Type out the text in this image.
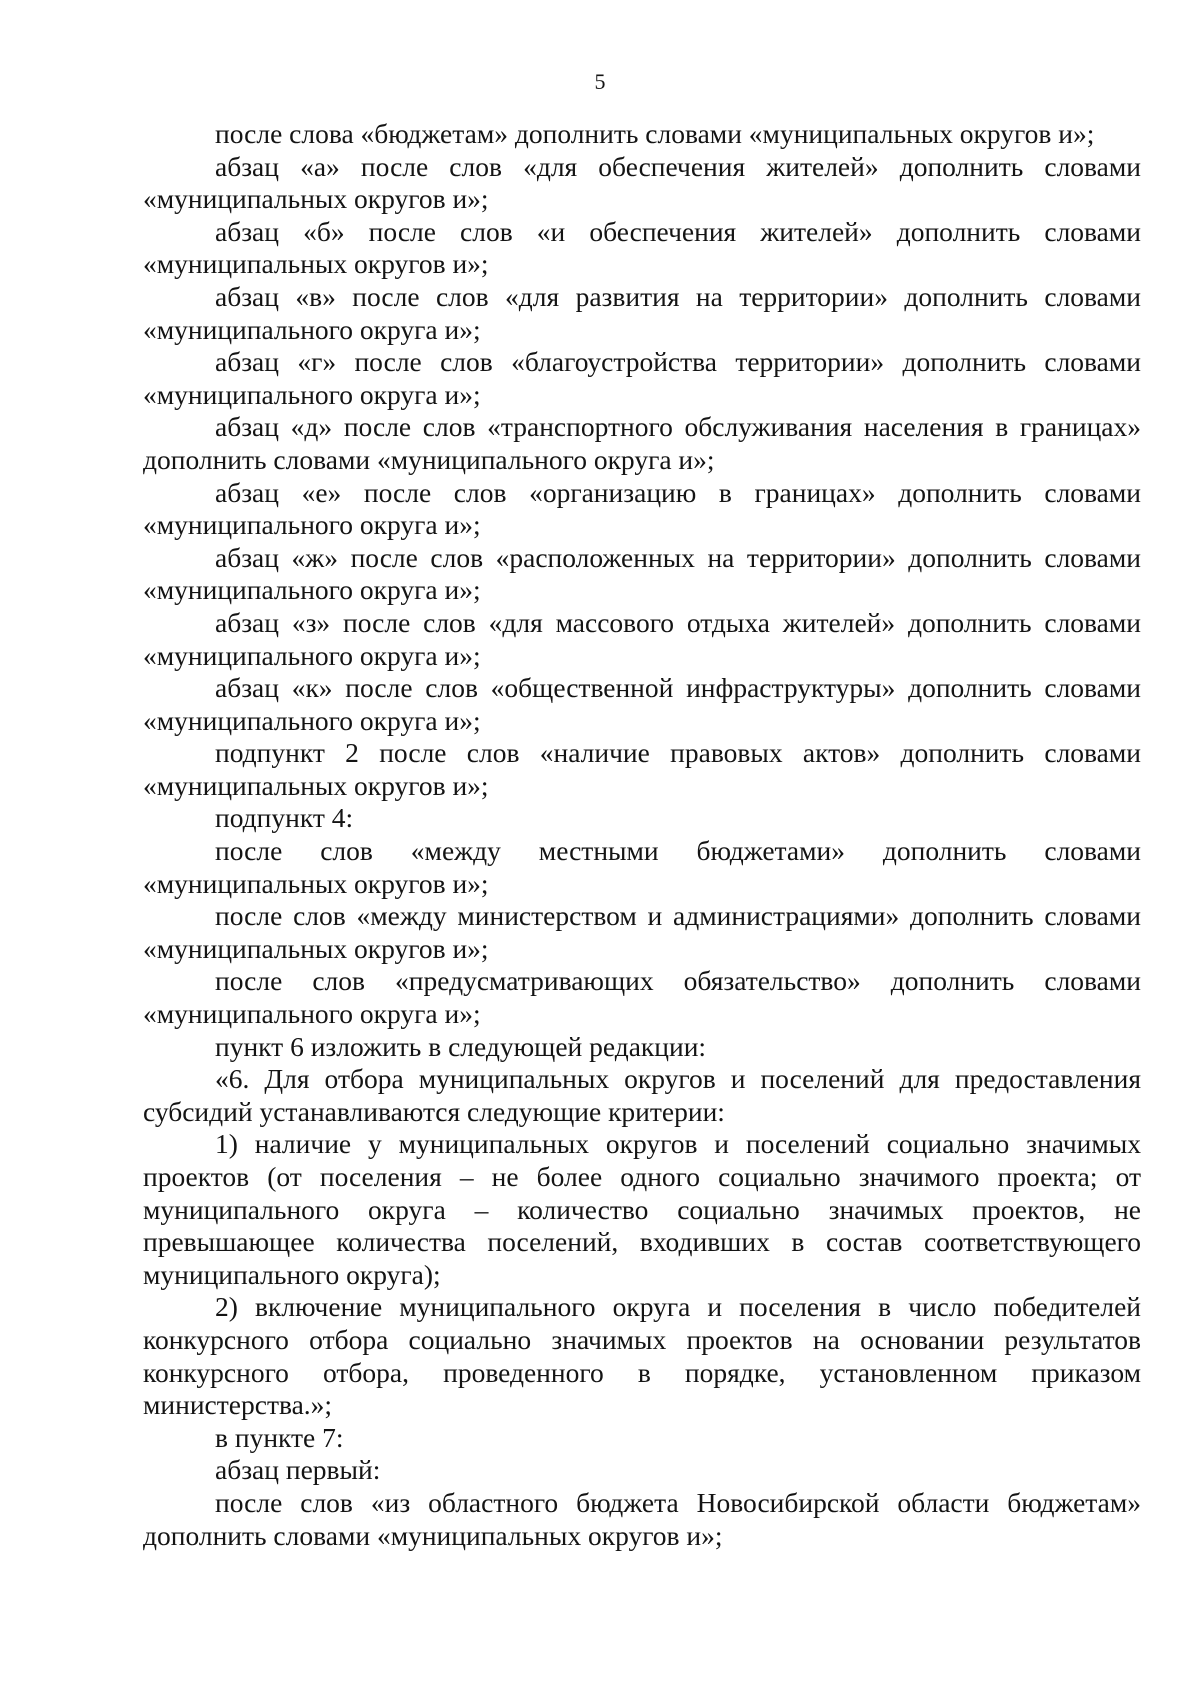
5

после слова «бюджетам» дополнить словами «муниципальных округов и»;

абзац «а» после слов «для обеспечения жителей» дополнить словами «муниципальных округов и»;

абзац «б» после слов «и обеспечения жителей» дополнить словами «муниципальных округов и»;

абзац «в» после слов «для развития на территории» дополнить словами «муниципального округа и»;

абзац «г» после слов «благоустройства территории» дополнить словами «муниципального округа и»;

абзац «д» после слов «транспортного обслуживания населения в границах» дополнить словами «муниципального округа и»;

абзац «е» после слов «организацию в границах» дополнить словами «муниципального округа и»;

абзац «ж» после слов «расположенных на территории» дополнить словами «муниципального округа и»;

абзац «з» после слов «для массового отдыха жителей» дополнить словами «муниципального округа и»;

абзац «к» после слов «общественной инфраструктуры» дополнить словами «муниципального округа и»;

подпункт 2 после слов «наличие правовых актов» дополнить словами «муниципальных округов и»;

подпункт 4:

после слов «между местными бюджетами» дополнить словами «муниципальных округов и»;

после слов «между министерством и администрациями» дополнить словами «муниципальных округов и»;

после слов «предусматривающих обязательство» дополнить словами «муниципального округа и»;

пункт 6 изложить в следующей редакции:

«6. Для отбора муниципальных округов и поселений для предоставления субсидий устанавливаются следующие критерии:

1) наличие у муниципальных округов и поселений социально значимых проектов (от поселения – не более одного социально значимого проекта; от муниципального округа – количество социально значимых проектов, не превышающее количества поселений, входивших в состав соответствующего муниципального округа);

2) включение муниципального округа и поселения в число победителей конкурсного отбора социально значимых проектов на основании результатов конкурсного отбора, проведенного в порядке, установленном приказом министерства.»;

в пункте 7:

абзац первый:

после слов «из областного бюджета Новосибирской области бюджетам» дополнить словами «муниципальных округов и»;
